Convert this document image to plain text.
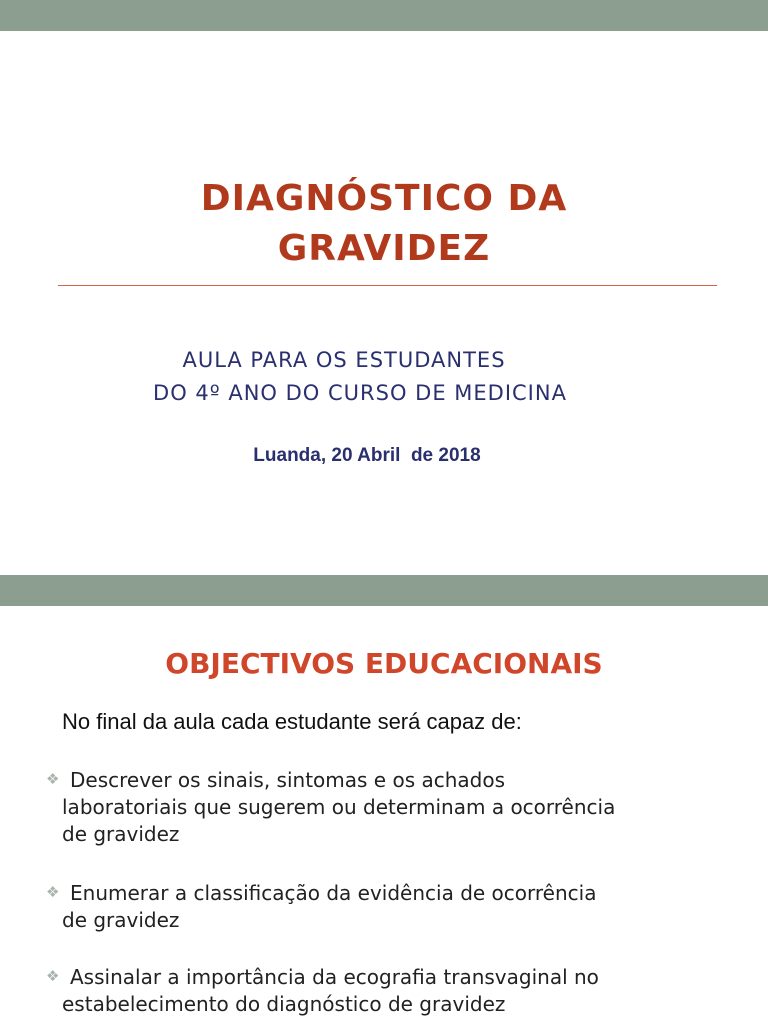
DIAGNÓSTICO DA
GRAVIDEZ
AULA PARA OS ESTUDANTES
DO 4º ANO DO CURSO DE MEDICINA
Luanda, 20 Abril  de 2018
OBJECTIVOS EDUCACIONAIS
No final da aula cada estudante será capaz de:
❖ Descrever os sinais, sintomas e os achados
laboratoriais que sugerem ou determinam a ocorrência
de gravidez
❖ Enumerar a classificação da evidência de ocorrência
de gravidez
❖ Assinalar a importância da ecografia transvaginal no
estabelecimento do diagnóstico de gravidez
